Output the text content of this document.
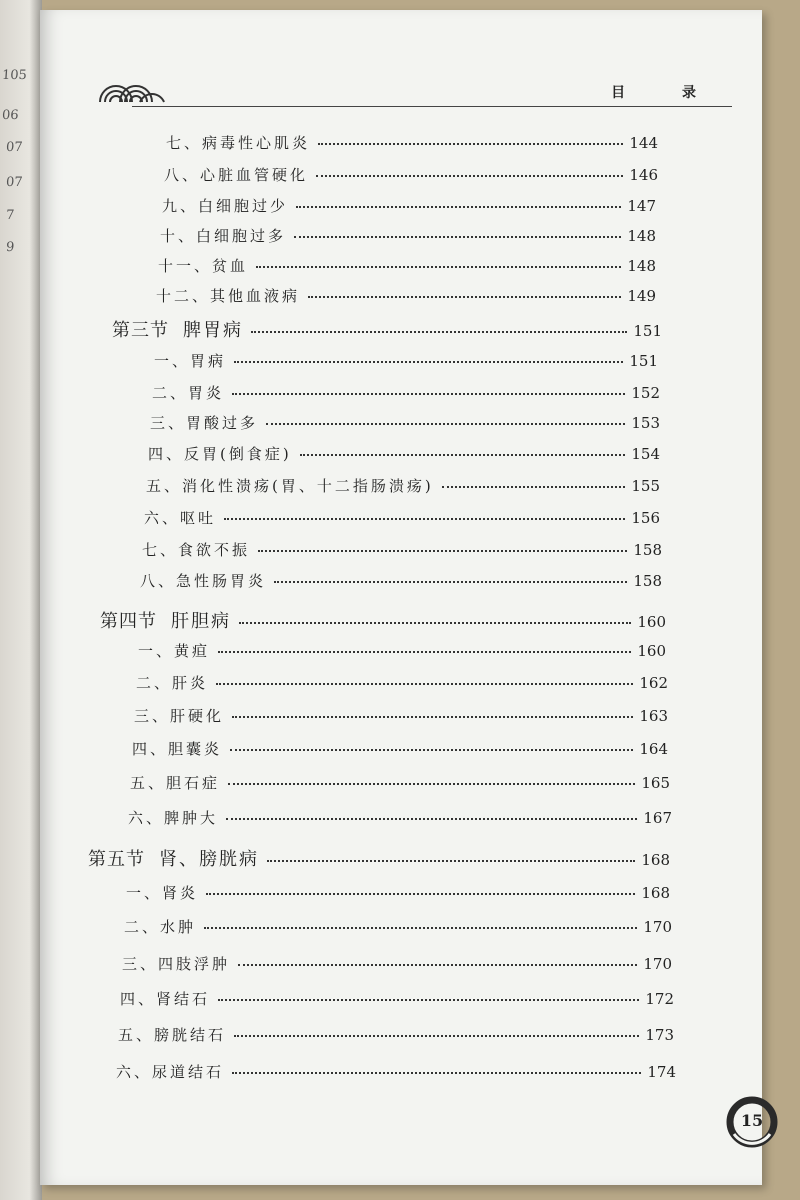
105
06
07
07
7
9
目 录
七、病毒性心肌炎	144
八、心脏血管硬化	146
九、白细胞过少	147
十、白细胞过多	148
十一、贫血	148
十二、其他血液病	149
第三节 脾胃病	151
一、胃病	151
二、胃炎	152
三、胃酸过多	153
四、反胃(倒食症)	154
五、消化性溃疡(胃、十二指肠溃疡)	155
六、呕吐	156
七、食欲不振	158
八、急性肠胃炎	158
第四节 肝胆病	160
一、黄疸	160
二、肝炎	162
三、肝硬化	163
四、胆囊炎	164
五、胆石症	165
六、脾肿大	167
第五节 肾、膀胱病	168
一、肾炎	168
二、水肿	170
三、四肢浮肿	170
四、肾结石	172
五、膀胱结石	173
六、尿道结石	174
15
